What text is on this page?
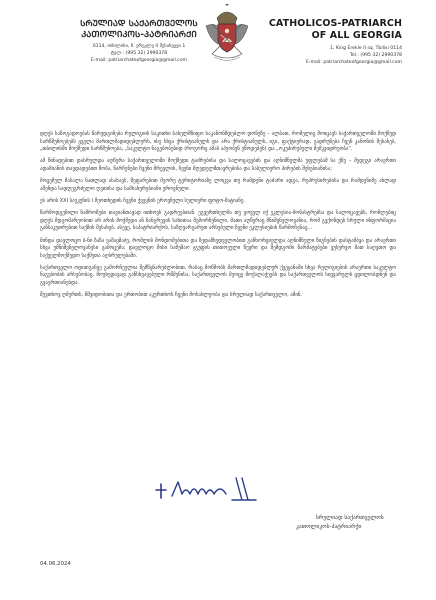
ᲡᲠᲣᲚᲘᲐᲓ ᲡᲐᲥᲐᲠᲗᲕᲔᲚᲝᲡ
ᲙᲐᲗᲝᲚᲘᲙᲝᲡ-ᲞᲐᲢᲠᲘᲐᲠᲥᲘ
0114, თბილისი, ჩ. ერეკლე II შესახვევი 1
ტელ.: (995 32) 2990378
E-mail: patriarchateofgeorgia@gmail.com
CATHOLICOS-PATRIARCH
OF ALL GEORGIA
1, King Erekle II sq. Tbilisi 0114
Tel.: (995 32) 2990378
E-mail: patriarchateofgeorgia@gmail.com

დღეს საზოგადოებას წარედგინება რელიგიის საკითხი სახელმწიფო საკანონმდებლო დონეზე – ალბათ, რომელიც მოიცავს საქართველოში მოქმედ სარწმუნოებებს ყველა მართლმადიდებლურს, ისე სხვა ქრისტიანულს და არა ქრისტიანულს, იგი, ფაქტიურად, გადრუნება ჩვენ კანონის შესახებ, „თბილისში მოქმედი სარწმუნოება, „საკულტო ნაგებობებიდ (როგორც ამას აპუობენ ეწოდებენ) და „ოკუპირებული მემკვიდრეობა“.

ამ წინადებით დასრულდა აღწერა საქართველოში მოქმედი ტაძრებისა და სალოცავების და აღნიშნულმა უფლებამ სა ქმე – შედეგი არაერთი ადამიანის თავდადებით შობა, ნარჩენები ჩვენი მრევლის, ჩვენი მღვდელმთავრებისა და სასულიერო პირების შეხებიანისა;

მოცემულ მასალა ნათლად ასახავს, შეფარებით მეორე ტერიტორიაზე ლოცვა თუ რამდენი ტაძარი ადგა, რეპრესირებისა და რამდენიმე ახლად აშენდა სადღეგრძელო ღვთისა და სამსახურებიანი ეროვნული.

ეს არის XXI საუკუნის I მეოთხედის ჩვენი ქვეყნის ეროვნული სულიერი ფოტო-მატიანე.

წარმოდგენილი ნაშრომები თავიანთავად ითხოვს გადრეებთან. ეგვერთხელმა თუ ყოველ იქ ეკლესია-მონასტრებსა და სალოცავებს, რომლებიც დღეს მდგომარეობით არ არის მოქმედი ან ნანგრევის სახითაა შემორჩენილი, მათი აღწერაც მნიშვნელოვანია, რომ გვქონდეს სრული ინფორმაცია განსაკუთრებით საქმის შესახებ. ასევე, საპატრიარქოს, საზღვარგარეთ არსებული ჩვენი ეკლესიების წარმოჩენაც...

მინდა დავლოცო ბ-ნი ზაზა ვაშაყმაძე, რომლის მონდომებითა და ზედამხედველობით განხორციელდა აღნიშნული წიგნების დასტამბვა და არაერთი სხვა უმნიშვნელოვანესი გამოცემა; დავლოცო მისი სამუშაო ჯგუფის თითოეული წევრი და შემდგომი წარმატებები ვუსურვო მათ საღვთო და საქველმოქმედო საქმეთა აღსრულებაში.

საქართველო ოდითგანვე გამორჩეულია შემწყნარებლობით, რასაც მოწმობს მართლმადიდებლურ ქვეყანაში სხვა რელიგიების არაერთი საკულტო ნაგებობის არსებობაც. მოუხედავად განსხვავებული რწმენისა, საქართველოს მეოცე მოქალაქეებს და საქართველოს სიყვარულს ცდილობდნენ და გვაერთიანებდა.

შევთხოვ ღმერთს, მშვიდობითა და ერთობით აკურთხოს ჩვენი მოსახლეობა და სრულიად საქართველო, ამინ.

სრულიად საქართველოს
კათოლიკოს-პატრიარქი
04.06.2024
